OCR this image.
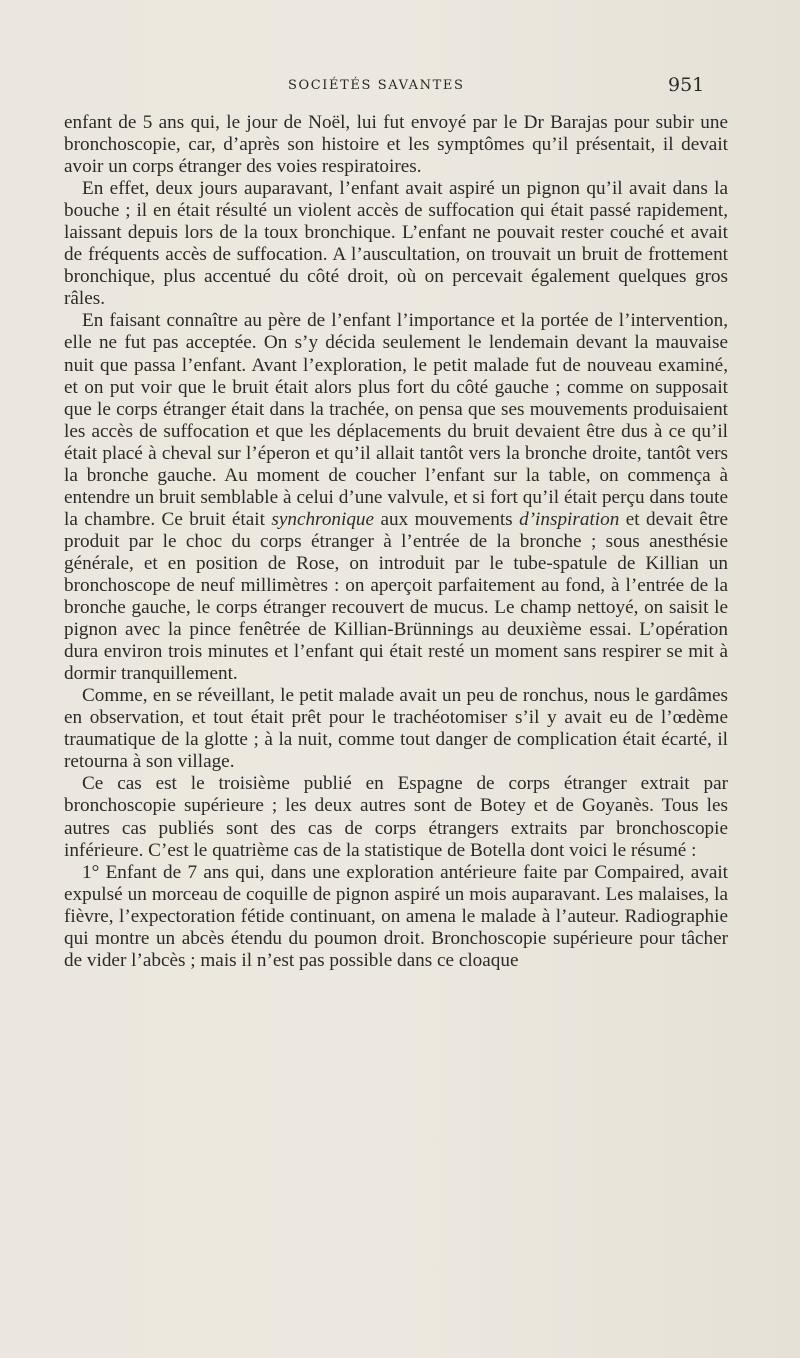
SOCIÉTÉS SAVANTES	951

enfant de 5 ans qui, le jour de Noël, lui fut envoyé par le Dr Barajas pour subir une bronchoscopie, car, d’après son histoire et les symptômes qu’il présentait, il devait avoir un corps étranger des voies respiratoires.

En effet, deux jours auparavant, l’enfant avait aspiré un pignon qu’il avait dans la bouche ; il en était résulté un violent accès de suffocation qui était passé rapidement, laissant depuis lors de la toux bronchique. L’enfant ne pouvait rester couché et avait de fréquents accès de suffocation. A l’auscultation, on trouvait un bruit de frottement bronchique, plus accentué du côté droit, où on percevait également quelques gros râles.

En faisant connaître au père de l’enfant l’importance et la portée de l’intervention, elle ne fut pas acceptée. On s’y décida seulement le lendemain devant la mauvaise nuit que passa l’enfant. Avant l’exploration, le petit malade fut de nouveau examiné, et on put voir que le bruit était alors plus fort du côté gauche ; comme on supposait que le corps étranger était dans la trachée, on pensa que ses mouvements produisaient les accès de suffocation et que les déplacements du bruit devaient être dus à ce qu’il était placé à cheval sur l’éperon et qu’il allait tantôt vers la bronche droite, tantôt vers la bronche gauche. Au moment de coucher l’enfant sur la table, on commença à entendre un bruit semblable à celui d’une valvule, et si fort qu’il était perçu dans toute la chambre. Ce bruit était synchronique aux mouvements d’inspiration et devait être produit par le choc du corps étranger à l’entrée de la bronche ; sous anesthésie générale, et en position de Rose, on introduit par le tube-spatule de Killian un bronchoscope de neuf millimètres : on aperçoit parfaitement au fond, à l’entrée de la bronche gauche, le corps étranger recouvert de mucus. Le champ nettoyé, on saisit le pignon avec la pince fenêtrée de Killian-Brünnings au deuxième essai. L’opération dura environ trois minutes et l’enfant qui était resté un moment sans respirer se mit à dormir tranquillement.

Comme, en se réveillant, le petit malade avait un peu de ronchus, nous le gardâmes en observation, et tout était prêt pour le trachéotomiser s’il y avait eu de l’œdème traumatique de la glotte ; à la nuit, comme tout danger de complication était écarté, il retourna à son village.

Ce cas est le troisième publié en Espagne de corps étranger extrait par bronchoscopie supérieure ; les deux autres sont de Botey et de Goyanès. Tous les autres cas publiés sont des cas de corps étrangers extraits par bronchoscopie inférieure. C’est le quatrième cas de la statistique de Botella dont voici le résumé :

1° Enfant de 7 ans qui, dans une exploration antérieure faite par Compaired, avait expulsé un morceau de coquille de pignon aspiré un mois auparavant. Les malaises, la fièvre, l’expectoration fétide continuant, on amena le malade à l’auteur. Radiographie qui montre un abcès étendu du poumon droit. Bronchoscopie supérieure pour tâcher de vider l’abcès ; mais il n’est pas possible dans ce cloaque
